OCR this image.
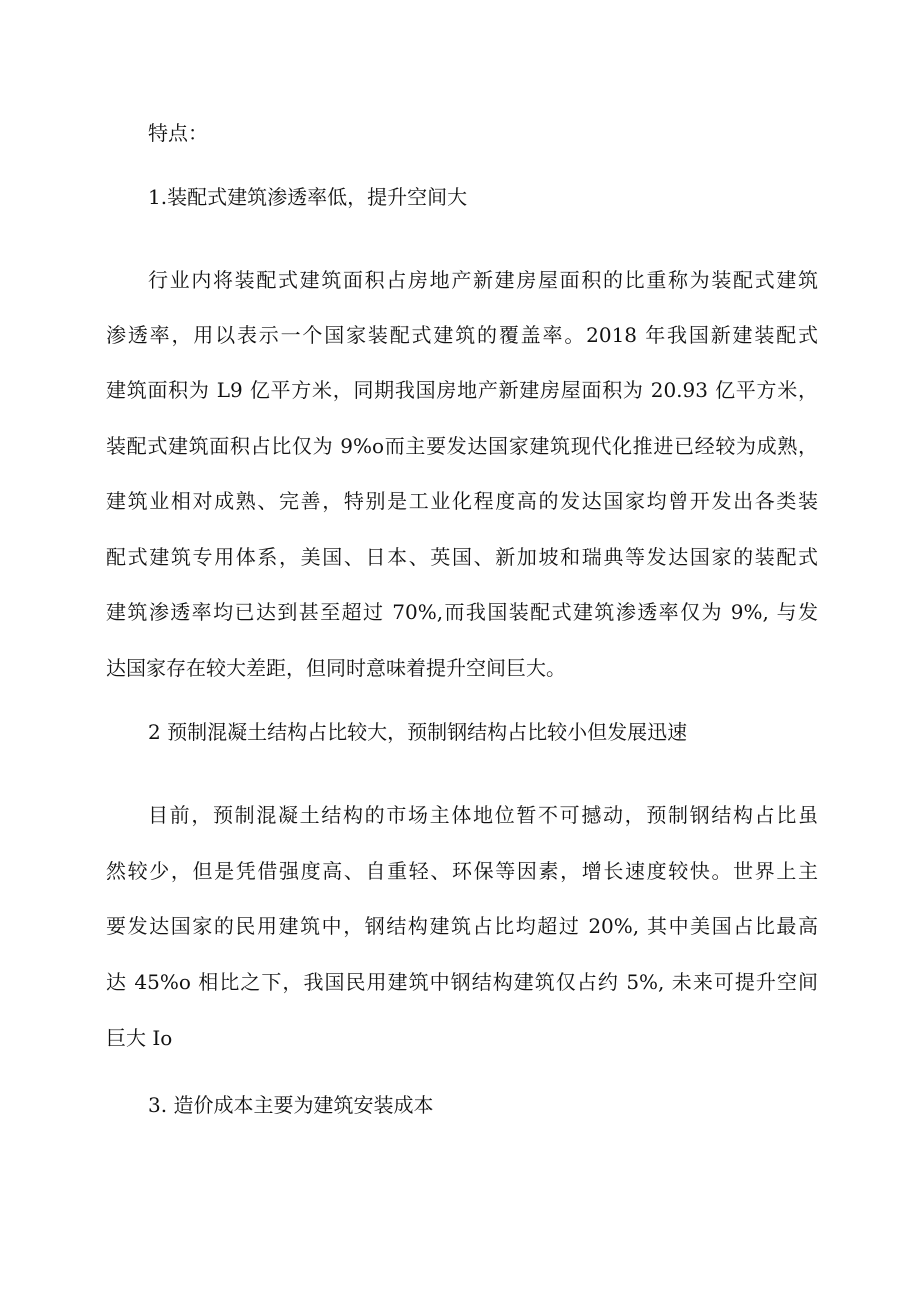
特点：
1.装配式建筑渗透率低，提升空间大
行业内将装配式建筑面积占房地产新建房屋面积的比重称为装配式建筑
渗透率，用以表示一个国家装配式建筑的覆盖率。2018 年我国新建装配式
建筑面积为 L9 亿平方米，同期我国房地产新建房屋面积为 20.93 亿平方米，
装配式建筑面积占比仅为 9%o而主要发达国家建筑现代化推进已经较为成熟，
建筑业相对成熟、完善，特别是工业化程度高的发达国家均曾开发出各类装
配式建筑专用体系，美国、日本、英国、新加坡和瑞典等发达国家的装配式
建筑渗透率均已达到甚至超过 70%,而我国装配式建筑渗透率仅为 9%, 与发
达国家存在较大差距，但同时意味着提升空间巨大。
2 预制混凝土结构占比较大，预制钢结构占比较小但发展迅速
目前，预制混凝土结构的市场主体地位暂不可撼动，预制钢结构占比虽
然较少，但是凭借强度高、自重轻、环保等因素，增长速度较快。世界上主
要发达国家的民用建筑中，钢结构建筑占比均超过 20%, 其中美国占比最高
达 45%o 相比之下，我国民用建筑中钢结构建筑仅占约 5%, 未来可提升空间
巨大 Io
3. 造价成本主要为建筑安装成本
